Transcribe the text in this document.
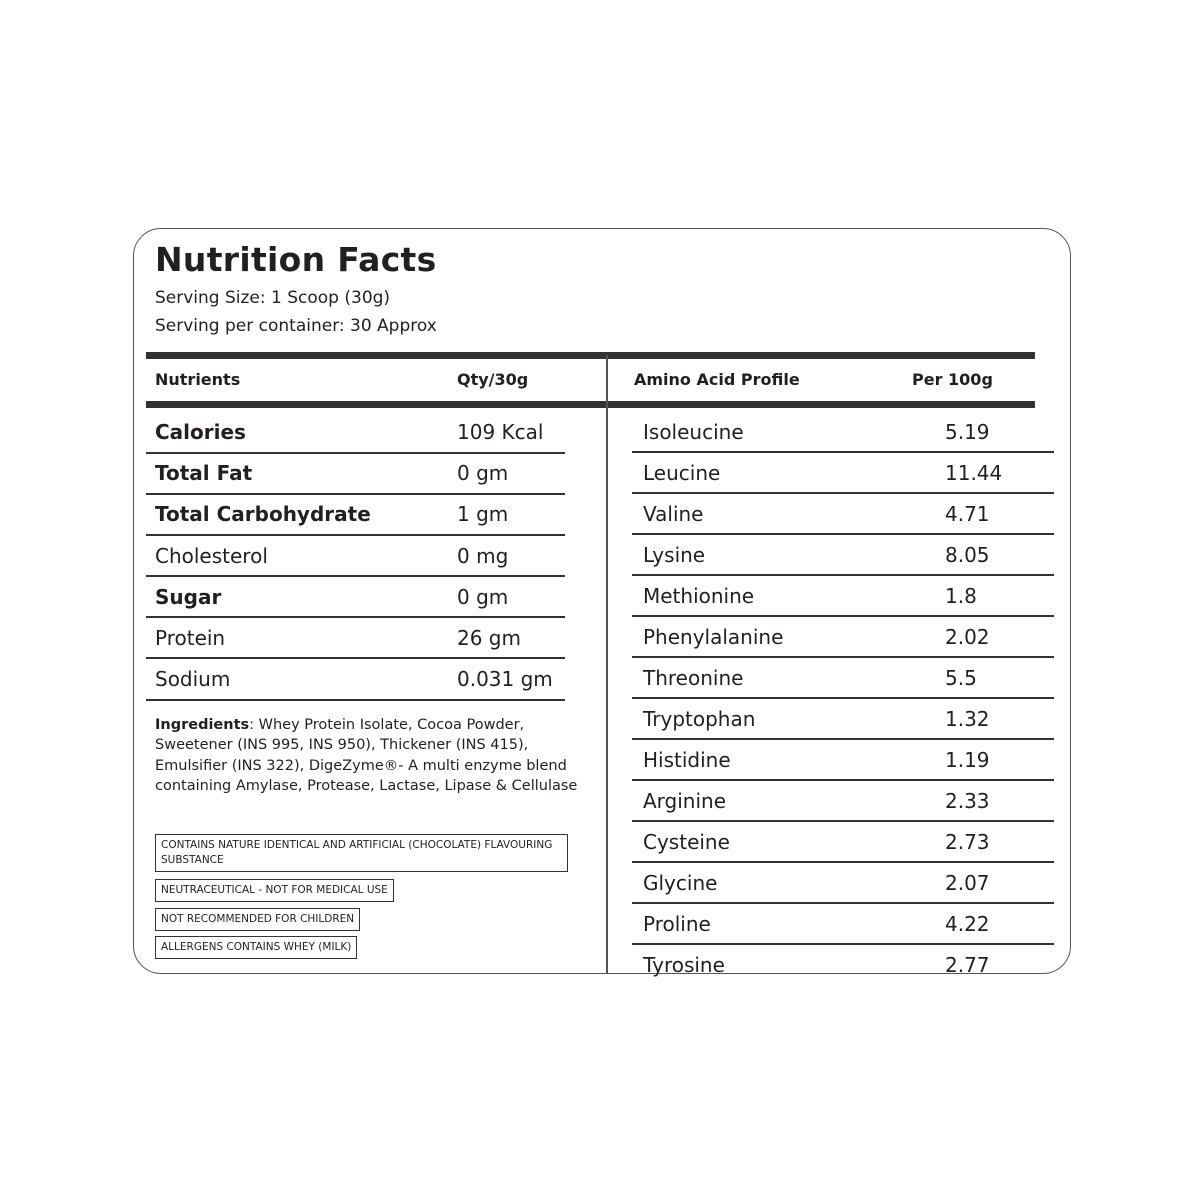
Nutrition Facts
Serving Size: 1 Scoop (30g)
Serving per container: 30 Approx
Nutrients	Qty/30g	Amino Acid Profile	Per 100g
Calories	109 Kcal
Total Fat	0 gm
Total Carbohydrate	1 gm
Cholesterol	0 mg
Sugar	0 gm
Protein	26 gm
Sodium	0.031 gm
Isoleucine	5.19
Leucine	11.44
Valine	4.71
Lysine	8.05
Methionine	1.8
Phenylalanine	2.02
Threonine	5.5
Tryptophan	1.32
Histidine	1.19
Arginine	2.33
Cysteine	2.73
Glycine	2.07
Proline	4.22
Tyrosine	2.77
Ingredients: Whey Protein Isolate, Cocoa Powder, Sweetener (INS 995, INS 950), Thickener (INS 415), Emulsifier (INS 322), DigeZyme®- A multi enzyme blend containing Amylase, Protease, Lactase, Lipase & Cellulase
CONTAINS NATURE IDENTICAL AND ARTIFICIAL (CHOCOLATE) FLAVOURING SUBSTANCE
NEUTRACEUTICAL - NOT FOR MEDICAL USE
NOT RECOMMENDED FOR CHILDREN
ALLERGENS CONTAINS WHEY (MILK)
